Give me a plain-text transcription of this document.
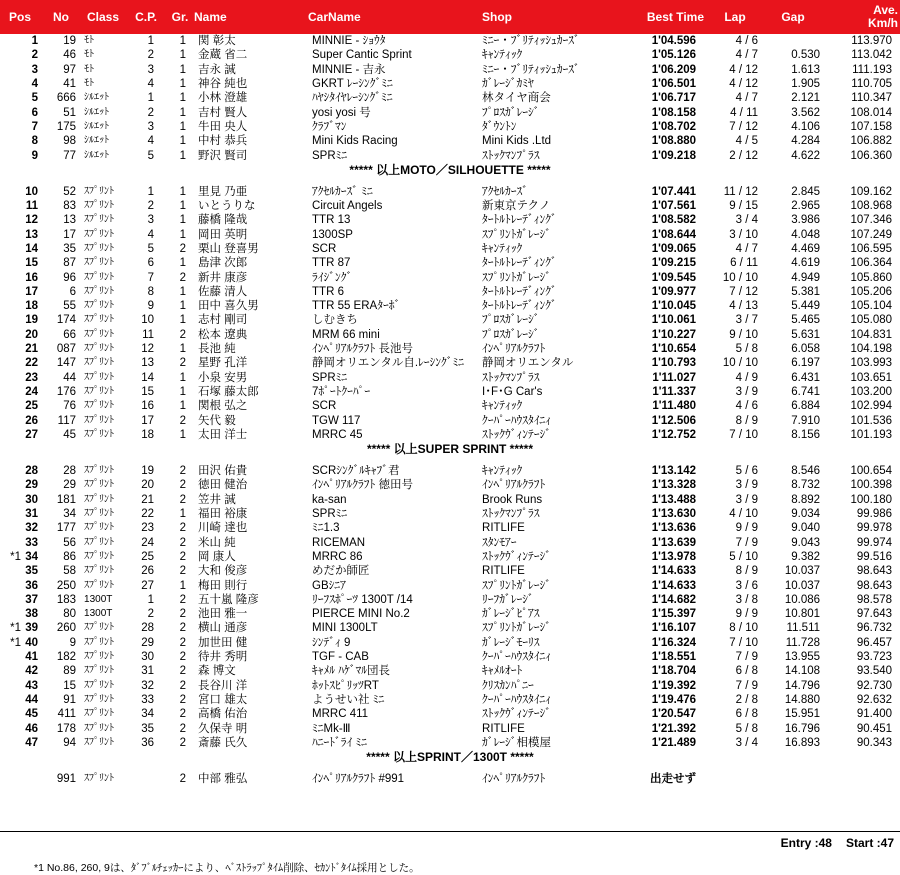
Pos		No	Class	C.P.	Gr.	Name	CarName	Shop	Best Time	Lap	Gap	Ave.
Km/h
	1	19	ﾓﾄ	1	1	関 彰太	MINNIE - ｼｮｳﾀ	ﾐﾆｰ・ﾌﾞﾘﾃｨｯｼｭｶｰｽﾞ	1'04.596	4 / 6		113.970
	2	46	ﾓﾄ	2	1	金蔵 省二	Super Cantic Sprint	ｷｬﾝﾃｨｯｸ	1'05.126	4 / 7	0.530	113.042
	3	97	ﾓﾄ	3	1	吉永 誠	MINNIE - 吉永	ﾐﾆｰ・ﾌﾞﾘﾃｨｯｼｭｶｰｽﾞ	1'06.209	4 / 12	1.613	111.193
	4	41	ﾓﾄ	4	1	神谷 純也	GKRT ﾚｰｼﾝｸﾞﾐﾆ	ｶﾞﾚｰｼﾞｶﾐﾔ	1'06.501	4 / 12	1.905	110.705
	5	666	ｼﾙｴｯﾄ	1	1	小林 澄雄	ﾊﾔｼﾀｲﾔﾚｰｼﾝｸﾞﾐﾆ	林タイヤ商会	1'06.717	4 / 7	2.121	110.347
	6	51	ｼﾙｴｯﾄ	2	1	吉村 賢人	yosi yosi 号	ﾌﾟﾛｽｶﾞﾚｰｼﾞ	1'08.158	4 / 11	3.562	108.014
	7	175	ｼﾙｴｯﾄ	3	1	牛田 央人	ｸﾗﾌﾞﾏﾝ	ﾀﾞｳﾝﾄﾝ	1'08.702	7 / 12	4.106	107.158
	8	98	ｼﾙｴｯﾄ	4	1	中村 恭兵	Mini Kids Racing	Mini Kids .Ltd	1'08.880	4 / 5	4.284	106.882
	9	77	ｼﾙｴｯﾄ	5	1	野沢 賢司	SPRﾐﾆ	ｽﾄｯｸﾏﾝﾌﾟﾗｽ	1'09.218	2 / 12	4.622	106.360
***** 以上MOTO／SILHOUETTE *****												

	10	52	ｽﾌﾟﾘﾝﾄ	1	1	里見 乃亜	ｱｸｾﾙｶｰｽﾞ ﾐﾆ	ｱｸｾﾙｶｰｽﾞ	1'07.441	11 / 12	2.845	109.162
	11	83	ｽﾌﾟﾘﾝﾄ	2	1	いとうりな	Circuit Angels	新東京テクノ	1'07.561	9 / 15	2.965	108.968
	12	13	ｽﾌﾟﾘﾝﾄ	3	1	藤橋 隆哉	TTR 13	ﾀｰﾄﾙﾄﾚｰﾃﾞｨﾝｸﾞ	1'08.582	3 / 4	3.986	107.346
	13	17	ｽﾌﾟﾘﾝﾄ	4	1	岡田 英明	1300SP	ｽﾌﾟﾘﾝﾄｶﾞﾚｰｼﾞ	1'08.644	3 / 10	4.048	107.249
	14	35	ｽﾌﾟﾘﾝﾄ	5	2	栗山 登喜男	SCR	ｷｬﾝﾃｨｯｸ	1'09.065	4 / 7	4.469	106.595
	15	87	ｽﾌﾟﾘﾝﾄ	6	1	島津 次郎	TTR 87	ﾀｰﾄﾙﾄﾚｰﾃﾞｨﾝｸﾞ	1'09.215	6 / 11	4.619	106.364
	16	96	ｽﾌﾟﾘﾝﾄ	7	2	新井 康彦	ﾗｲｼﾞﾝｸﾞ	ｽﾌﾟﾘﾝﾄｶﾞﾚｰｼﾞ	1'09.545	10 / 10	4.949	105.860
	17	6	ｽﾌﾟﾘﾝﾄ	8	1	佐藤 清人	TTR 6	ﾀｰﾄﾙﾄﾚｰﾃﾞｨﾝｸﾞ	1'09.977	7 / 12	5.381	105.206
	18	55	ｽﾌﾟﾘﾝﾄ	9	1	田中 喜久男	TTR 55 ERAﾀｰﾎﾞ	ﾀｰﾄﾙﾄﾚｰﾃﾞｨﾝｸﾞ	1'10.045	4 / 13	5.449	105.104
	19	174	ｽﾌﾟﾘﾝﾄ	10	1	志村 剛司	しむきち	ﾌﾟﾛｽｶﾞﾚｰｼﾞ	1'10.061	3 / 7	5.465	105.080
	20	66	ｽﾌﾟﾘﾝﾄ	11	2	松本 遼典	MRM 66 mini	ﾌﾟﾛｽｶﾞﾚｰｼﾞ	1'10.227	9 / 10	5.631	104.831
	21	087	ｽﾌﾟﾘﾝﾄ	12	1	長池 純	ｲﾝﾍﾟﾘｱﾙｸﾗﾌﾄ 長池号	ｲﾝﾍﾟﾘｱﾙｸﾗﾌﾄ	1'10.654	5 / 8	6.058	104.198
	22	147	ｽﾌﾟﾘﾝﾄ	13	2	星野 孔洋	静岡オリエンタル自.ﾚｰｼﾝｸﾞﾐﾆ	静岡オリエンタル	1'10.793	10 / 10	6.197	103.993
	23	44	ｽﾌﾟﾘﾝﾄ	14	1	小泉 安男	SPRﾐﾆ	ｽﾄｯｸﾏﾝﾌﾟﾗｽ	1'11.027	4 / 9	6.431	103.651
	24	176	ｽﾌﾟﾘﾝﾄ	15	1	石塚 藤太郎	7ﾎﾟｰﾄｸｰﾊﾟｰ	I･F･G Car's	1'11.337	3 / 9	6.741	103.200
	25	76	ｽﾌﾟﾘﾝﾄ	16	1	関根 弘之	SCR	ｷｬﾝﾃｨｯｸ	1'11.480	4 / 6	6.884	102.994
	26	117	ｽﾌﾟﾘﾝﾄ	17	2	矢代 毅	TGW 117	ｸｰﾊﾟｰﾊｳｽﾀｲﾆｨ	1'12.506	8 / 9	7.910	101.536
	27	45	ｽﾌﾟﾘﾝﾄ	18	1	太田 洋士	MRRC 45	ｽﾄｯｸｳﾞｨﾝﾃｰｼﾞ	1'12.752	7 / 10	8.156	101.193
***** 以上SUPER SPRINT *****												

	28	28	ｽﾌﾟﾘﾝﾄ	19	2	田沢 佑貴	SCRｼﾝｸﾞﾙｷｬﾌﾞ君	ｷｬﾝﾃｨｯｸ	1'13.142	5 / 6	8.546	100.654
	29	29	ｽﾌﾟﾘﾝﾄ	20	2	徳田 健治	ｲﾝﾍﾟﾘｱﾙｸﾗﾌﾄ 徳田号	ｲﾝﾍﾟﾘｱﾙｸﾗﾌﾄ	1'13.328	3 / 9	8.732	100.398
	30	181	ｽﾌﾟﾘﾝﾄ	21	2	笠井 誠	ka-san	Brook Runs	1'13.488	3 / 9	8.892	100.180
	31	34	ｽﾌﾟﾘﾝﾄ	22	1	福田 裕康	SPRﾐﾆ	ｽﾄｯｸﾏﾝﾌﾟﾗｽ	1'13.630	4 / 10	9.034	99.986
	32	177	ｽﾌﾟﾘﾝﾄ	23	2	川崎 達也	ﾐﾆ1.3	RITLIFE	1'13.636	9 / 9	9.040	99.978
	33	56	ｽﾌﾟﾘﾝﾄ	24	2	米山 純	RICEMAN	ｽﾀﾝﾓｱｰ	1'13.639	7 / 9	9.043	99.974
*1	34	86	ｽﾌﾟﾘﾝﾄ	25	2	岡 康人	MRRC 86	ｽﾄｯｸｳﾞｨﾝﾃｰｼﾞ	1'13.978	5 / 10	9.382	99.516
	35	58	ｽﾌﾟﾘﾝﾄ	26	2	大和 俊彦	めだか師匠	RITLIFE	1'14.633	8 / 9	10.037	98.643
	36	250	ｽﾌﾟﾘﾝﾄ	27	1	梅田 則行	GBｼﾆｱ	ｽﾌﾟﾘﾝﾄｶﾞﾚｰｼﾞ	1'14.633	3 / 6	10.037	98.643
	37	183	1300T	1	2	五十嵐 隆彦	ﾘｰﾌｽﾎﾟｰﾂ 1300T /14	ﾘｰﾌｶﾞﾚｰｼﾞ	1'14.682	3 / 8	10.086	98.578
	38	80	1300T	2	2	池田 雅一	PIERCE MINI No.2	ｶﾞﾚｰｼﾞﾋﾟｱｽ	1'15.397	9 / 9	10.801	97.643
*1	39	260	ｽﾌﾟﾘﾝﾄ	28	2	横山 通彦	MINI 1300LT	ｽﾌﾟﾘﾝﾄｶﾞﾚｰｼﾞ	1'16.107	8 / 10	11.511	96.732
*1	40	9	ｽﾌﾟﾘﾝﾄ	29	2	加世田 健	ｼﾝﾃﾞｨ 9	ｶﾞﾚｰｼﾞﾓｰﾘｽ	1'16.324	7 / 10	11.728	96.457
	41	182	ｽﾌﾟﾘﾝﾄ	30	2	待井 秀明	TGF - CAB	ｸｰﾊﾟｰﾊｳｽﾀｲﾆｨ	1'18.551	7 / 9	13.955	93.723
	42	89	ｽﾌﾟﾘﾝﾄ	31	2	森 博文	ｷｬﾒﾙ ﾊｹﾞﾏﾙ団長	ｷｬﾒﾙｵｰﾄ	1'18.704	6 / 8	14.108	93.540
	43	15	ｽﾌﾟﾘﾝﾄ	32	2	長谷川 洋	ﾎｯﾄｽﾋﾟﾘｯﾂRT	ｸﾘｽｶﾝﾊﾟﾆｰ	1'19.392	7 / 9	14.796	92.730
	44	91	ｽﾌﾟﾘﾝﾄ	33	2	宮口 雄太	ようせい社 ﾐﾆ	ｸｰﾊﾟｰﾊｳｽﾀｲﾆｨ	1'19.476	2 / 8	14.880	92.632
	45	411	ｽﾌﾟﾘﾝﾄ	34	2	高橋 佑治	MRRC 411	ｽﾄｯｸｳﾞｨﾝﾃｰｼﾞ	1'20.547	6 / 8	15.951	91.400
	46	178	ｽﾌﾟﾘﾝﾄ	35	2	久保寺 明	ﾐﾆMk-Ⅲ	RITLIFE	1'21.392	5 / 8	16.796	90.451
	47	94	ｽﾌﾟﾘﾝﾄ	36	2	斎藤 氏久	ﾊﾆｰﾄﾞﾗｲ ﾐﾆ	ｶﾞﾚｰｼﾞ相模屋	1'21.489	3 / 4	16.893	90.343
***** 以上SPRINT／1300T *****												

		991	ｽﾌﾟﾘﾝﾄ		2	中部 雅弘	ｲﾝﾍﾟﾘｱﾙｸﾗﾌﾄ #991	ｲﾝﾍﾟﾘｱﾙｸﾗﾌﾄ	出走せず			
Entry :48 Start :47
*1 No.86, 260, 9は、ﾀﾞﾌﾞﾙﾁｪｯｶｰにより、ﾍﾞｽﾄﾗｯﾌﾟﾀｲﾑ削除、ｾｶﾝﾄﾞﾀｲﾑ採用とした。
